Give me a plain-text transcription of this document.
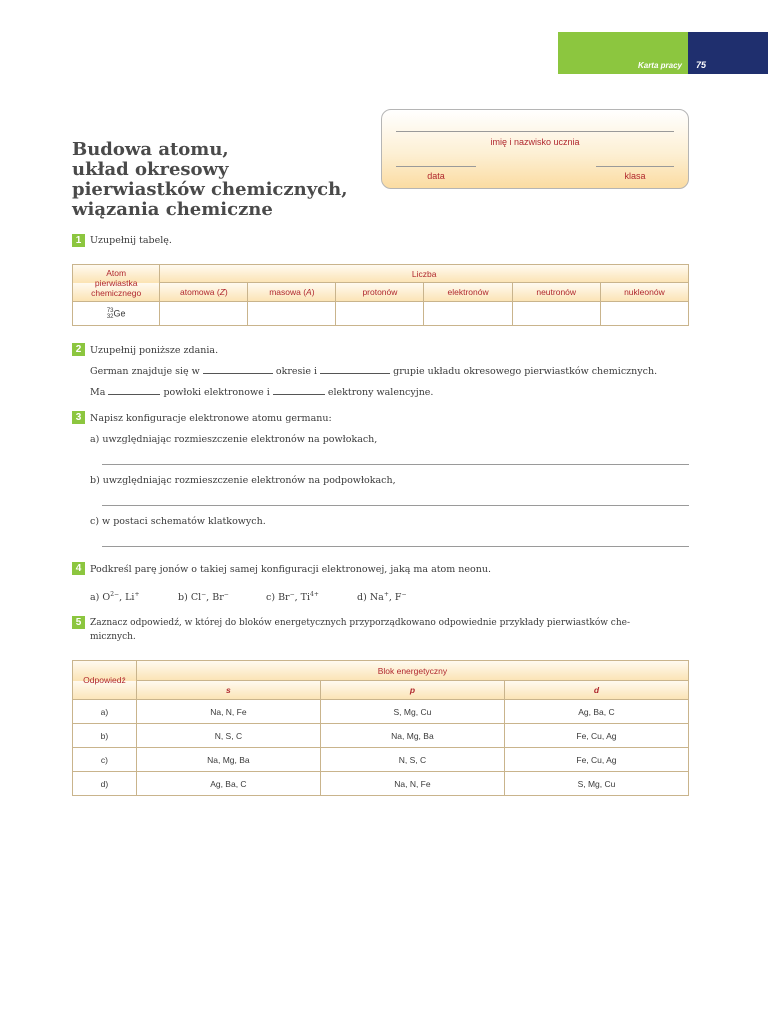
Karta pracy 75
Budowa atomu,
układ okresowy
pierwiastków chemicznych,
wiązania chemiczne
imię i nazwisko ucznia
data	klasa
1 Uzupełnij tabelę.
Atom
pierwiastka
chemicznego	Liczba					
	atomowa (Z)	masowa (A)	protonów	elektronów	neutronów	nukleonów

73
32 Ge						
2 Uzupełnij poniższe zdania.
German znajduje się w	okresie i	grupie układu okresowego pierwiastków chemicznych.
Ma	powłoki elektronowe i	elektrony walencyjne.
3 Napisz konfiguracje elektronowe atomu germanu:
a) uwzględniając rozmieszczenie elektronów na powłokach,
b) uwzględniając rozmieszczenie elektronów na podpowłokach,
c) w postaci schematów klatkowych.
4 Podkreśl parę jonów o takiej samej konfiguracji elektronowej, jaką ma atom neonu.
a) $O^{2-}$, Li+	b) Cl−, Br−	c) Br−, $Ti^{4+}$	d) Na+, F−
5 Zaznacz odpowiedź, w której do bloków energetycznych przyporządkowano odpowiednie przykłady pierwiastków che-
micznych.
Odpowiedź	Blok energetyczny		
	s	p	d
a)	Na, N, Fe	S, Mg, Cu	Ag, Ba, C
b)	N, S, C	Na, Mg, Ba	Fe, Cu, Ag
c)	Na, Mg, Ba	N, S, C	Fe, Cu, Ag
d)	Ag, Ba, C	Na, N, Fe	S, Mg, Cu
